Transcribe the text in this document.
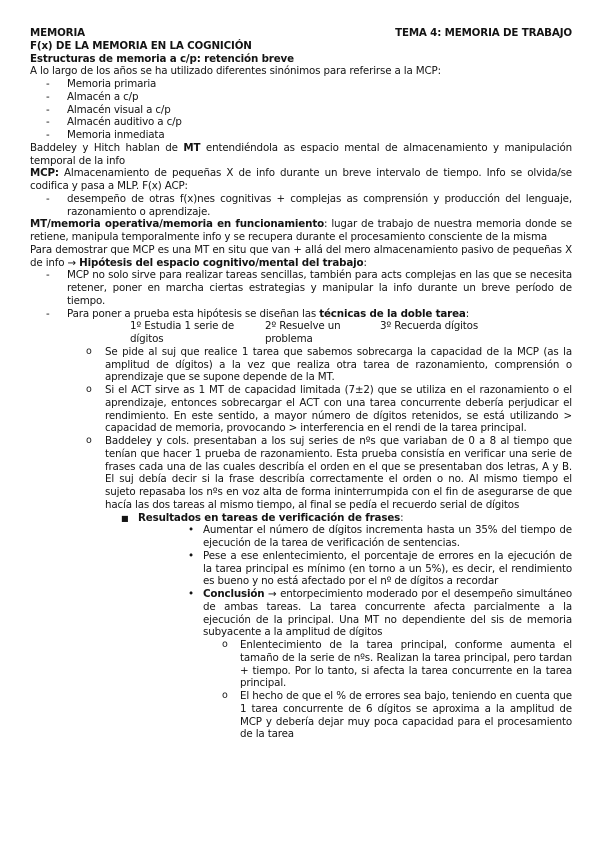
MEMORIA	TEMA 4: MEMORIA DE TRABAJO
F(x) DE LA MEMORIA EN LA COGNICIÓN
Estructuras de memoria a c/p: retención breve
A lo largo de los años se ha utilizado diferentes sinónimos para referirse a la MCP:
- Memoria primaria
- Almacén a c/p
- Almacén visual a c/p
- Almacén auditivo a c/p
- Memoria inmediata
Baddeley y Hitch hablan de MT entendiéndola as espacio mental de almacenamiento y manipulación temporal de la info
MCP: Almacenamiento de pequeñas X de info durante un breve intervalo de tiempo. Info se olvida/se codifica y pasa a MLP. F(x) ACP:
- desempeño de otras f(x)nes cognitivas + complejas as comprensión y producción del lenguaje, razonamiento o aprendizaje.
MT/memoria operativa/memoria en funcionamiento: lugar de trabajo de nuestra memoria donde se retiene, manipula temporalmente info y se recupera durante el procesamiento consciente de la misma
Para demostrar que MCP es una MT en situ que van + allá del mero almacenamiento pasivo de pequeñas X de info → Hipótesis del espacio cognitivo/mental del trabajo:
- MCP no solo sirve para realizar tareas sencillas, también para acts complejas en las que se necesita retener, poner en marcha ciertas estrategias y manipular la info durante un breve período de tiempo.
- Para poner a prueba esta hipótesis se diseñan las técnicas de la doble tarea:
1º Estudia 1 serie de dígitos
2º Resuelve un problema
3º Recuerda dígitos
o Se pide al suj que realice 1 tarea que sabemos sobrecarga la capacidad de la MCP (as la amplitud de dígitos) a la vez que realiza otra tarea de razonamiento, comprensión o aprendizaje que se supone depende de la MT.
o Si el ACT sirve as 1 MT de capacidad limitada (7±2) que se utiliza en el razonamiento o el aprendizaje, entonces sobrecargar el ACT con una tarea concurrente debería perjudicar el rendimiento. En este sentido, a mayor número de dígitos retenidos, se está utilizando > capacidad de memoria, provocando > interferencia en el rendi de la tarea principal.
o Baddeley y cols. presentaban a los suj series de nºs que variaban de 0 a 8 al tiempo que tenían que hacer 1 prueba de razonamiento. Esta prueba consistía en verificar una serie de frases cada una de las cuales describía el orden en el que se presentaban dos letras, A y B. El suj debía decir si la frase describía correctamente el orden o no. Al mismo tiempo el sujeto repasaba los nºs en voz alta de forma ininterrumpida con el fin de asegurarse de que hacía las dos tareas al mismo tiempo, al final se pedía el recuerdo serial de dígitos
■ Resultados en tareas de verificación de frases:
• Aumentar el número de dígitos incrementa hasta un 35% del tiempo de ejecución de la tarea de verificación de sentencias.
• Pese a ese enlentecimiento, el porcentaje de errores en la ejecución de la tarea principal es mínimo (en torno a un 5%), es decir, el rendimiento es bueno y no está afectado por el nº de dígitos a recordar
• Conclusión → entorpecimiento moderado por el desempeño simultáneo de ambas tareas. La tarea concurrente afecta parcialmente a la ejecución de la principal. Una MT no dependiente del sis de memoria subyacente a la amplitud de dígitos
o Enlentecimiento de la tarea principal, conforme aumenta el tamaño de la serie de nºs. Realizan la tarea principal, pero tardan + tiempo. Por lo tanto, si afecta la tarea concurrente en la tarea principal.
o El hecho de que el % de errores sea bajo, teniendo en cuenta que 1 tarea concurrente de 6 dígitos se aproxima a la amplitud de MCP y debería dejar muy poca capacidad para el procesamiento de la tarea
